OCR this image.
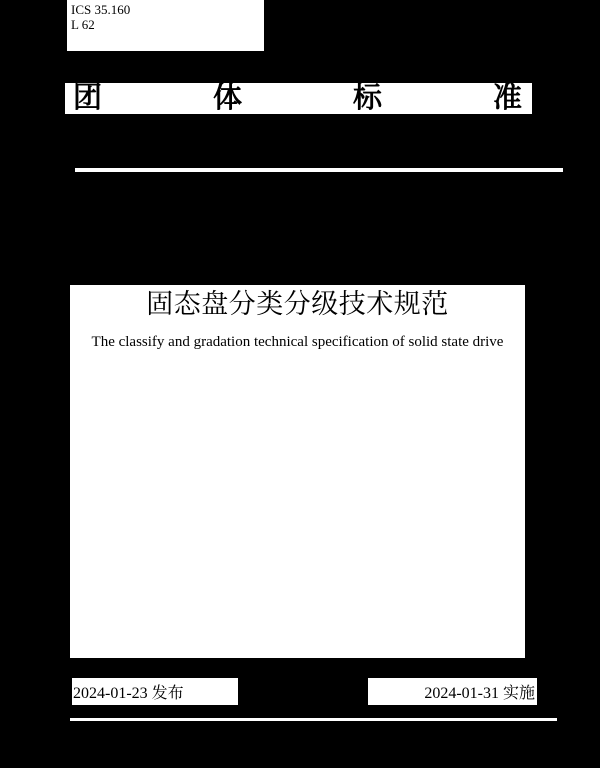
ICS 35.160
L 62
团	体	标	准
固态盘分类分级技术规范
The classify and gradation technical specification of solid state drive
2024-01-23 发布	2024-01-31 实施
